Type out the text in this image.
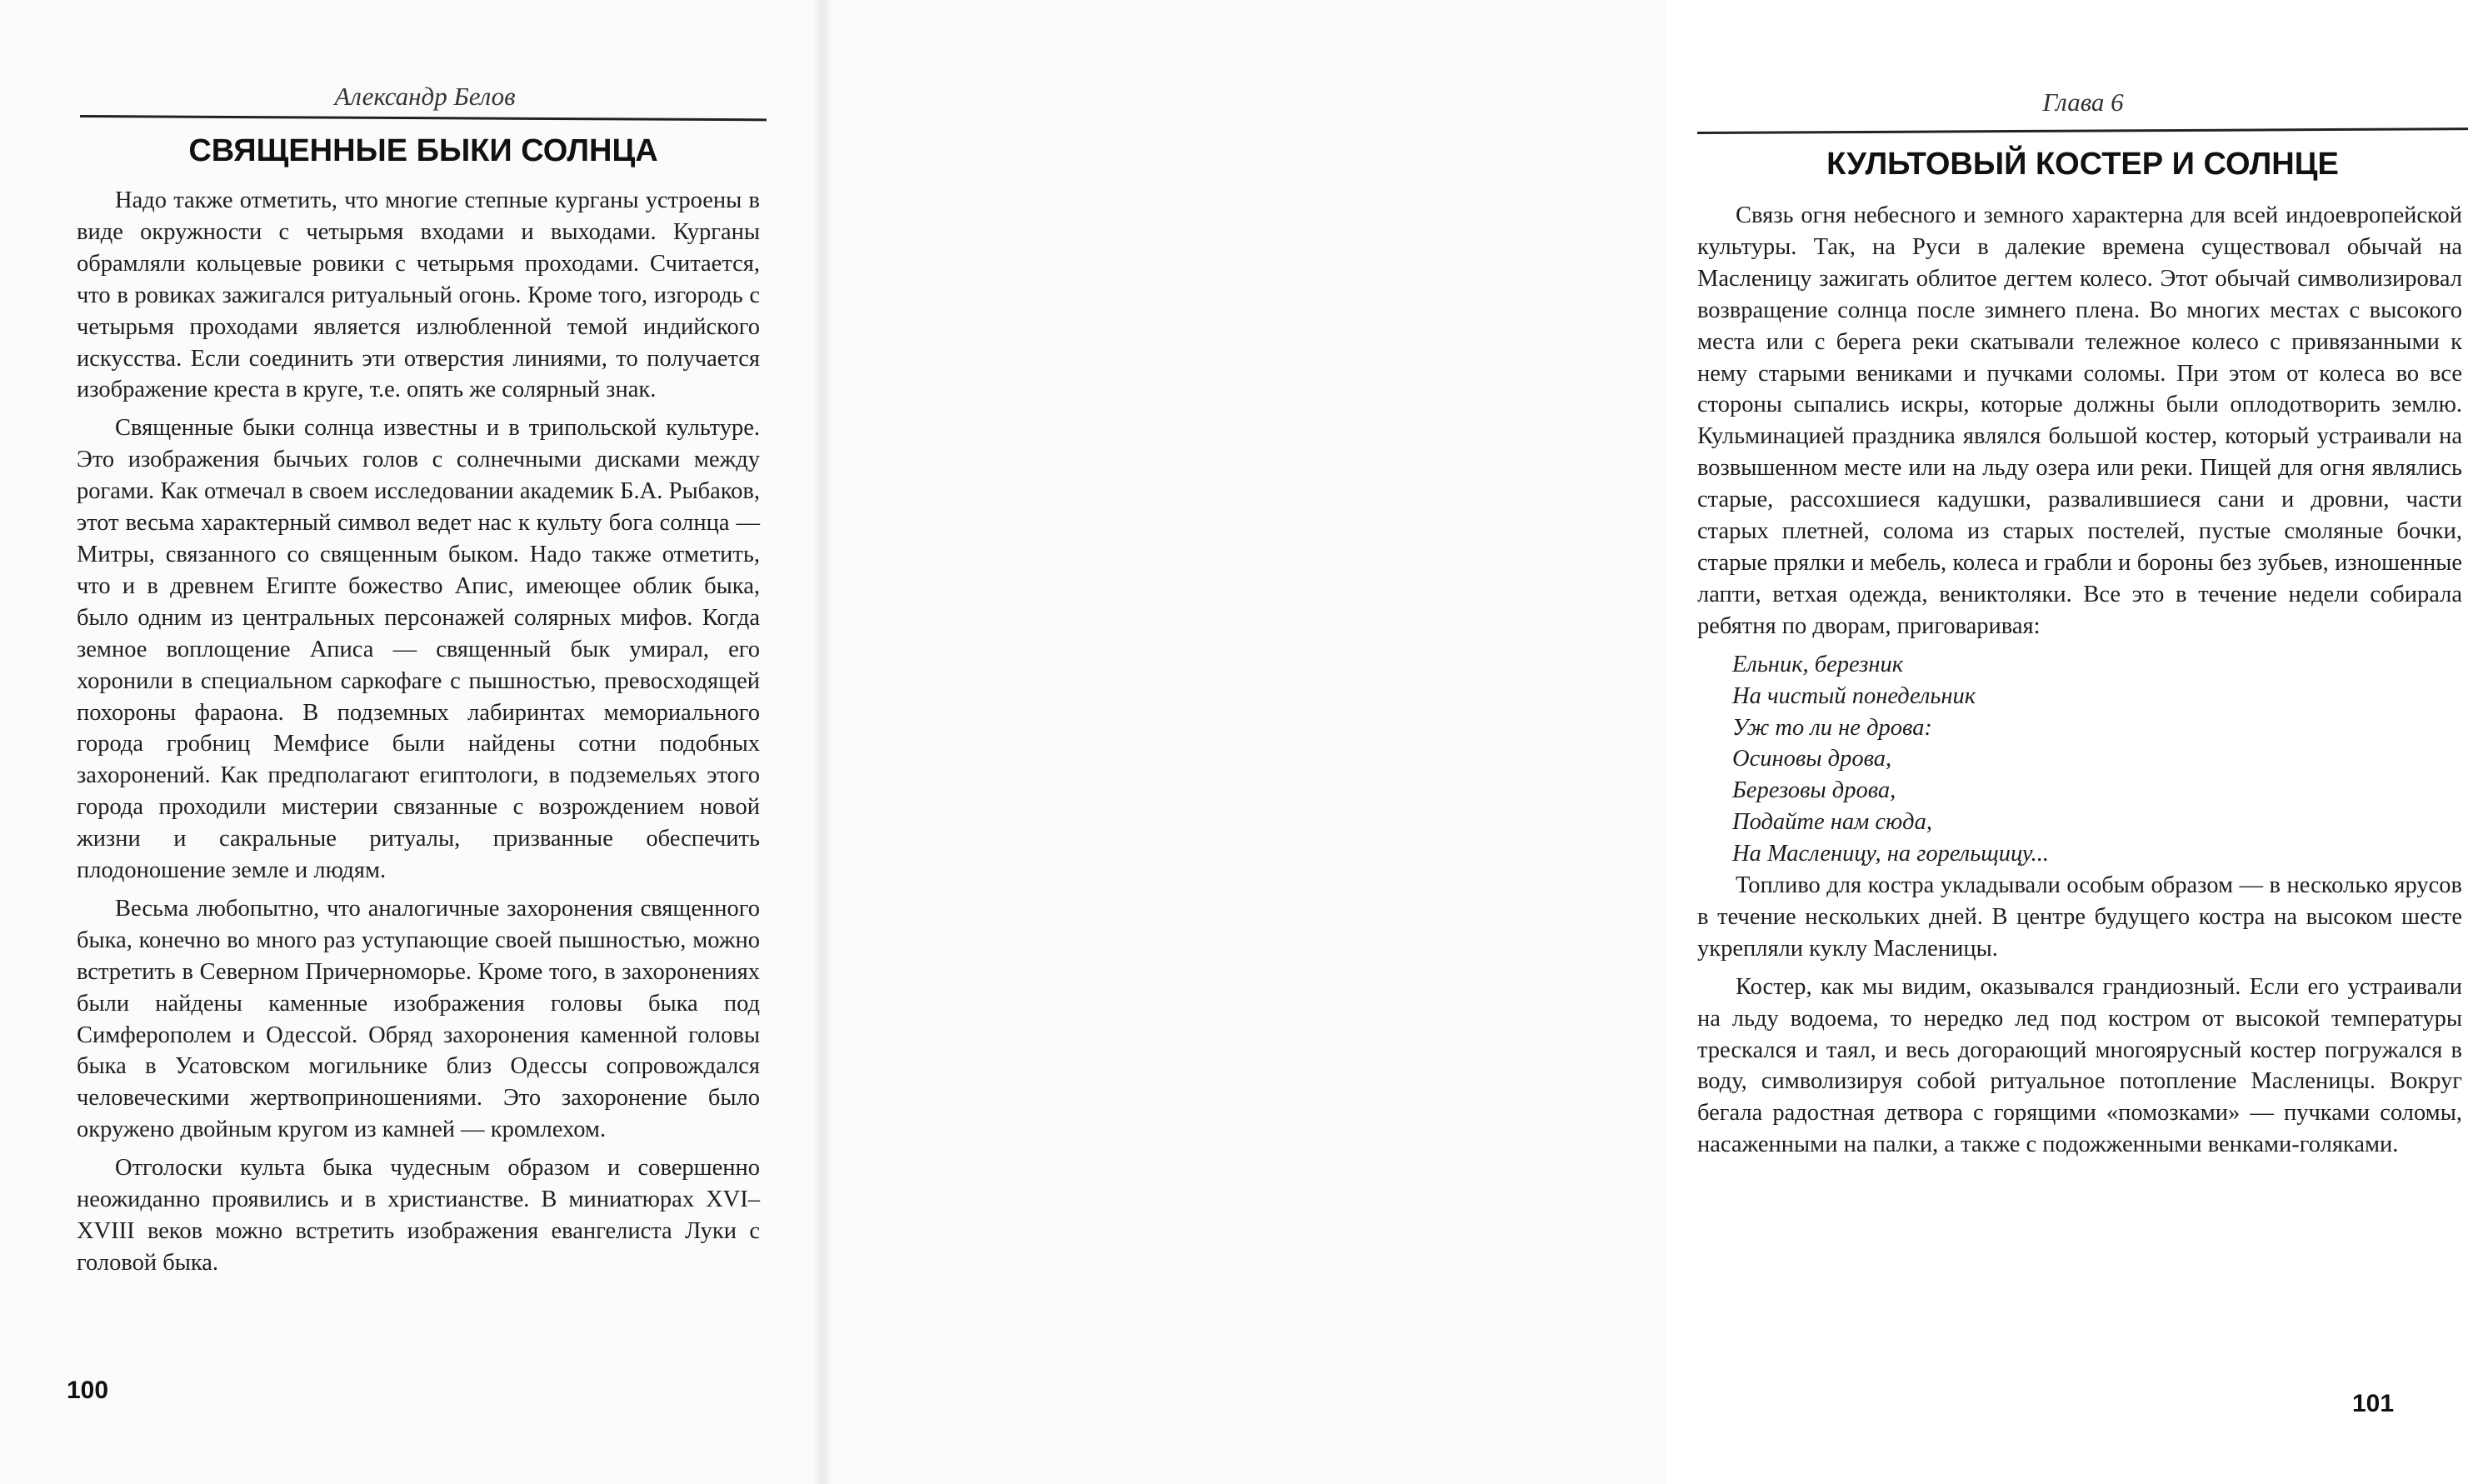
Александр Белов
СВЯЩЕННЫЕ БЫКИ СОЛНЦА

Надо также отметить, что многие степные курганы устроены в виде окружности с четырьмя входами и выходами. Курганы обрамляли кольцевые ровики с четырьмя проходами. Считается, что в ровиках зажигался ритуальный огонь. Кроме того, изгородь с четырьмя проходами является излюбленной темой индийского искусства. Если соединить эти отверстия линиями, то получается изображение креста в круге, т.е. опять же солярный знак.

Священные быки солнца известны и в трипольской культуре. Это изображения бычьих голов с солнечными дисками между рогами. Как отмечал в своем исследовании академик Б.А. Рыбаков, этот весьма характерный символ ведет нас к культу бога солнца — Митры, связанного со священным быком. Надо также отметить, что и в древнем Египте божество Апис, имеющее облик быка, было одним из центральных персонажей солярных мифов. Когда земное воплощение Аписа — священный бык умирал, его хоронили в специальном саркофаге с пышностью, превосходящей похороны фараона. В подземных лабиринтах мемориального города гробниц Мемфисе были найдены сотни подобных захоронений. Как предполагают египтологи, в подземельях этого города проходили мистерии связанные с возрождением новой жизни и сакральные ритуалы, призванные обеспечить плодоношение земле и людям.

Весьма любопытно, что аналогичные захоронения священного быка, конечно во много раз уступающие своей пышностью, можно встретить в Северном Причерноморье. Кроме того, в захоронениях были найдены каменные изображения головы быка под Симферополем и Одессой. Обряд захоронения каменной головы быка в Усатовском могильнике близ Одессы сопровождался человеческими жертвоприношениями. Это захоронение было окружено двойным кругом из камней — кромлехом.

Отголоски культа быка чудесным образом и совершенно неожиданно проявились и в христианстве. В миниатюрах XVI–XVIII веков можно встретить изображения евангелиста Луки с головой быка.

100
Глава 6
КУЛЬТОВЫЙ КОСТЕР И СОЛНЦЕ

Связь огня небесного и земного характерна для всей индоевропейской культуры. Так, на Руси в далекие времена существовал обычай на Масленицу зажигать облитое дегтем колесо. Этот обычай символизировал возвращение солнца после зимнего плена. Во многих местах с высокого места или с берега реки скатывали тележное колесо с привязанными к нему старыми вениками и пучками соломы. При этом от колеса во все стороны сыпались искры, которые должны были оплодотворить землю. Кульминацией праздника являлся большой костер, который устраивали на возвышенном месте или на льду озера или реки. Пищей для огня являлись старые, рассохшиеся кадушки, развалившиеся сани и дровни, части старых плетней, солома из старых постелей, пустые смоляные бочки, старые прялки и мебель, колеса и грабли и бороны без зубьев, изношенные лапти, ветхая одежда, вениктоляки. Все это в течение недели собирала ребятня по дворам, приговаривая:

Ельник, березник
На чистый понедельник
Уж то ли не дрова:
Осиновы дрова,
Березовы дрова,
Подайте нам сюда,
На Масленицу, на горельщицу...

Топливо для костра укладывали особым образом — в несколько ярусов в течение нескольких дней. В центре будущего костра на высоком шесте укрепляли куклу Масленицы.

Костер, как мы видим, оказывался грандиозный. Если его устраивали на льду водоема, то нередко лед под костром от высокой температуры трескался и таял, и весь догорающий многоярусный костер погружался в воду, символизируя собой ритуальное потопление Масленицы. Вокруг бегала радостная детвора с горящими «помозками» — пучками соломы, насаженными на палки, а также с подожженными венками-голяками.

101
